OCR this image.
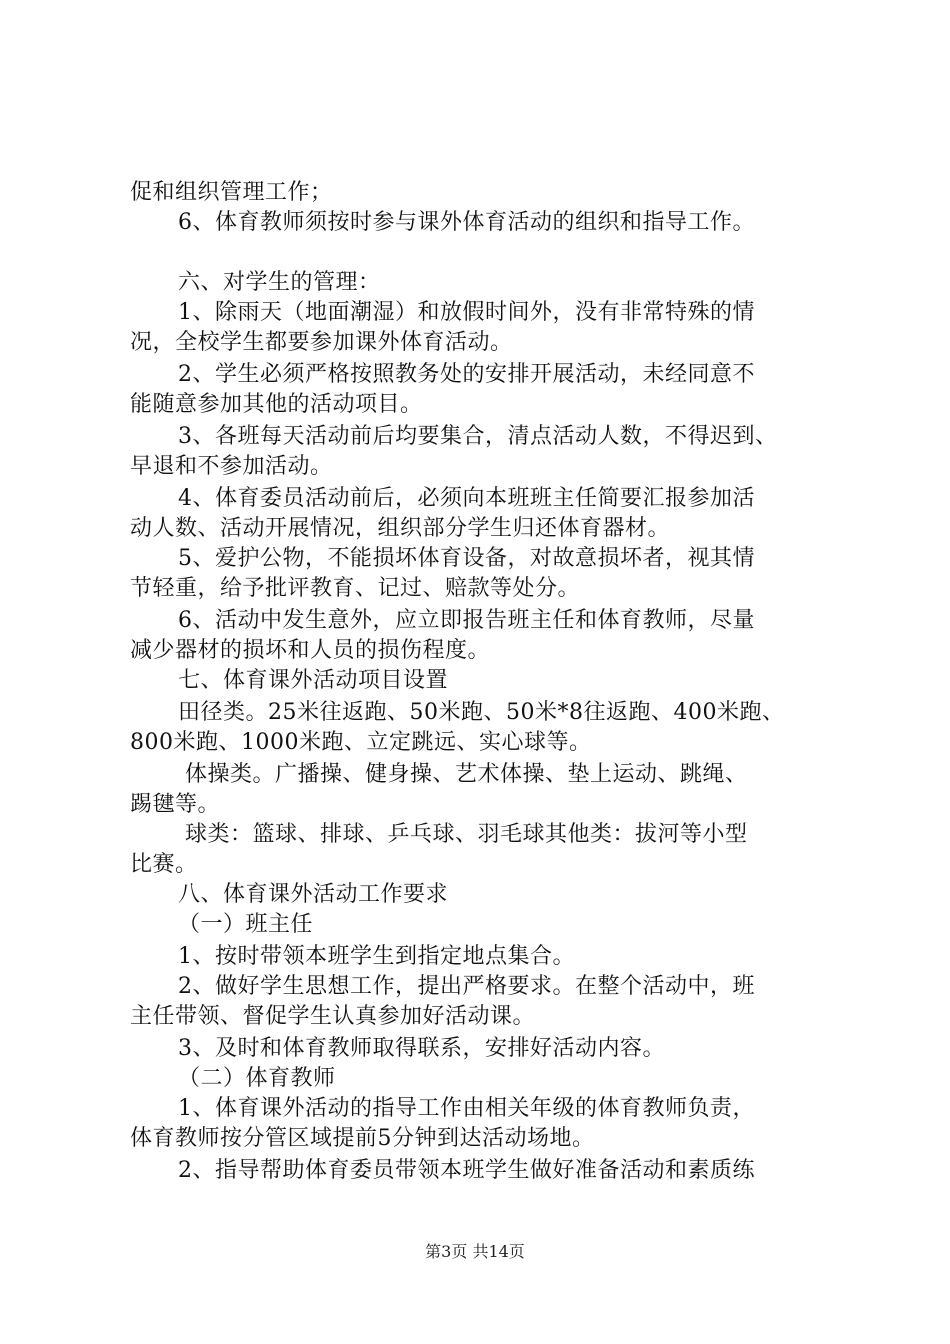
促和组织管理工作；
6、体育教师须按时参与课外体育活动的组织和指导工作。
六、对学生的管理：
1、除雨天（地面潮湿）和放假时间外，没有非常特殊的情
况，全校学生都要参加课外体育活动。
2、学生必须严格按照教务处的安排开展活动，未经同意不
能随意参加其他的活动项目。
3、各班每天活动前后均要集合，清点活动人数，不得迟到、
早退和不参加活动。
4、体育委员活动前后，必须向本班班主任简要汇报参加活
动人数、活动开展情况，组织部分学生归还体育器材。
5、爱护公物，不能损坏体育设备，对故意损坏者，视其情
节轻重，给予批评教育、记过、赔款等处分。
6、活动中发生意外，应立即报告班主任和体育教师，尽量
减少器材的损坏和人员的损伤程度。
七、体育课外活动项目设置
田径类。25米往返跑、50米跑、50米*8往返跑、400米跑、
800米跑、1000米跑、立定跳远、实心球等。
体操类。广播操、健身操、艺术体操、垫上运动、跳绳、
踢毽等。
球类：篮球、排球、乒乓球、羽毛球其他类：拔河等小型
比赛。
八、体育课外活动工作要求
（一）班主任
1、按时带领本班学生到指定地点集合。
2、做好学生思想工作，提出严格要求。在整个活动中，班
主任带领、督促学生认真参加好活动课。
3、及时和体育教师取得联系，安排好活动内容。
（二）体育教师
1、体育课外活动的指导工作由相关年级的体育教师负责，
体育教师按分管区域提前5分钟到达活动场地。
2、指导帮助体育委员带领本班学生做好准备活动和素质练
第3页 共14页
